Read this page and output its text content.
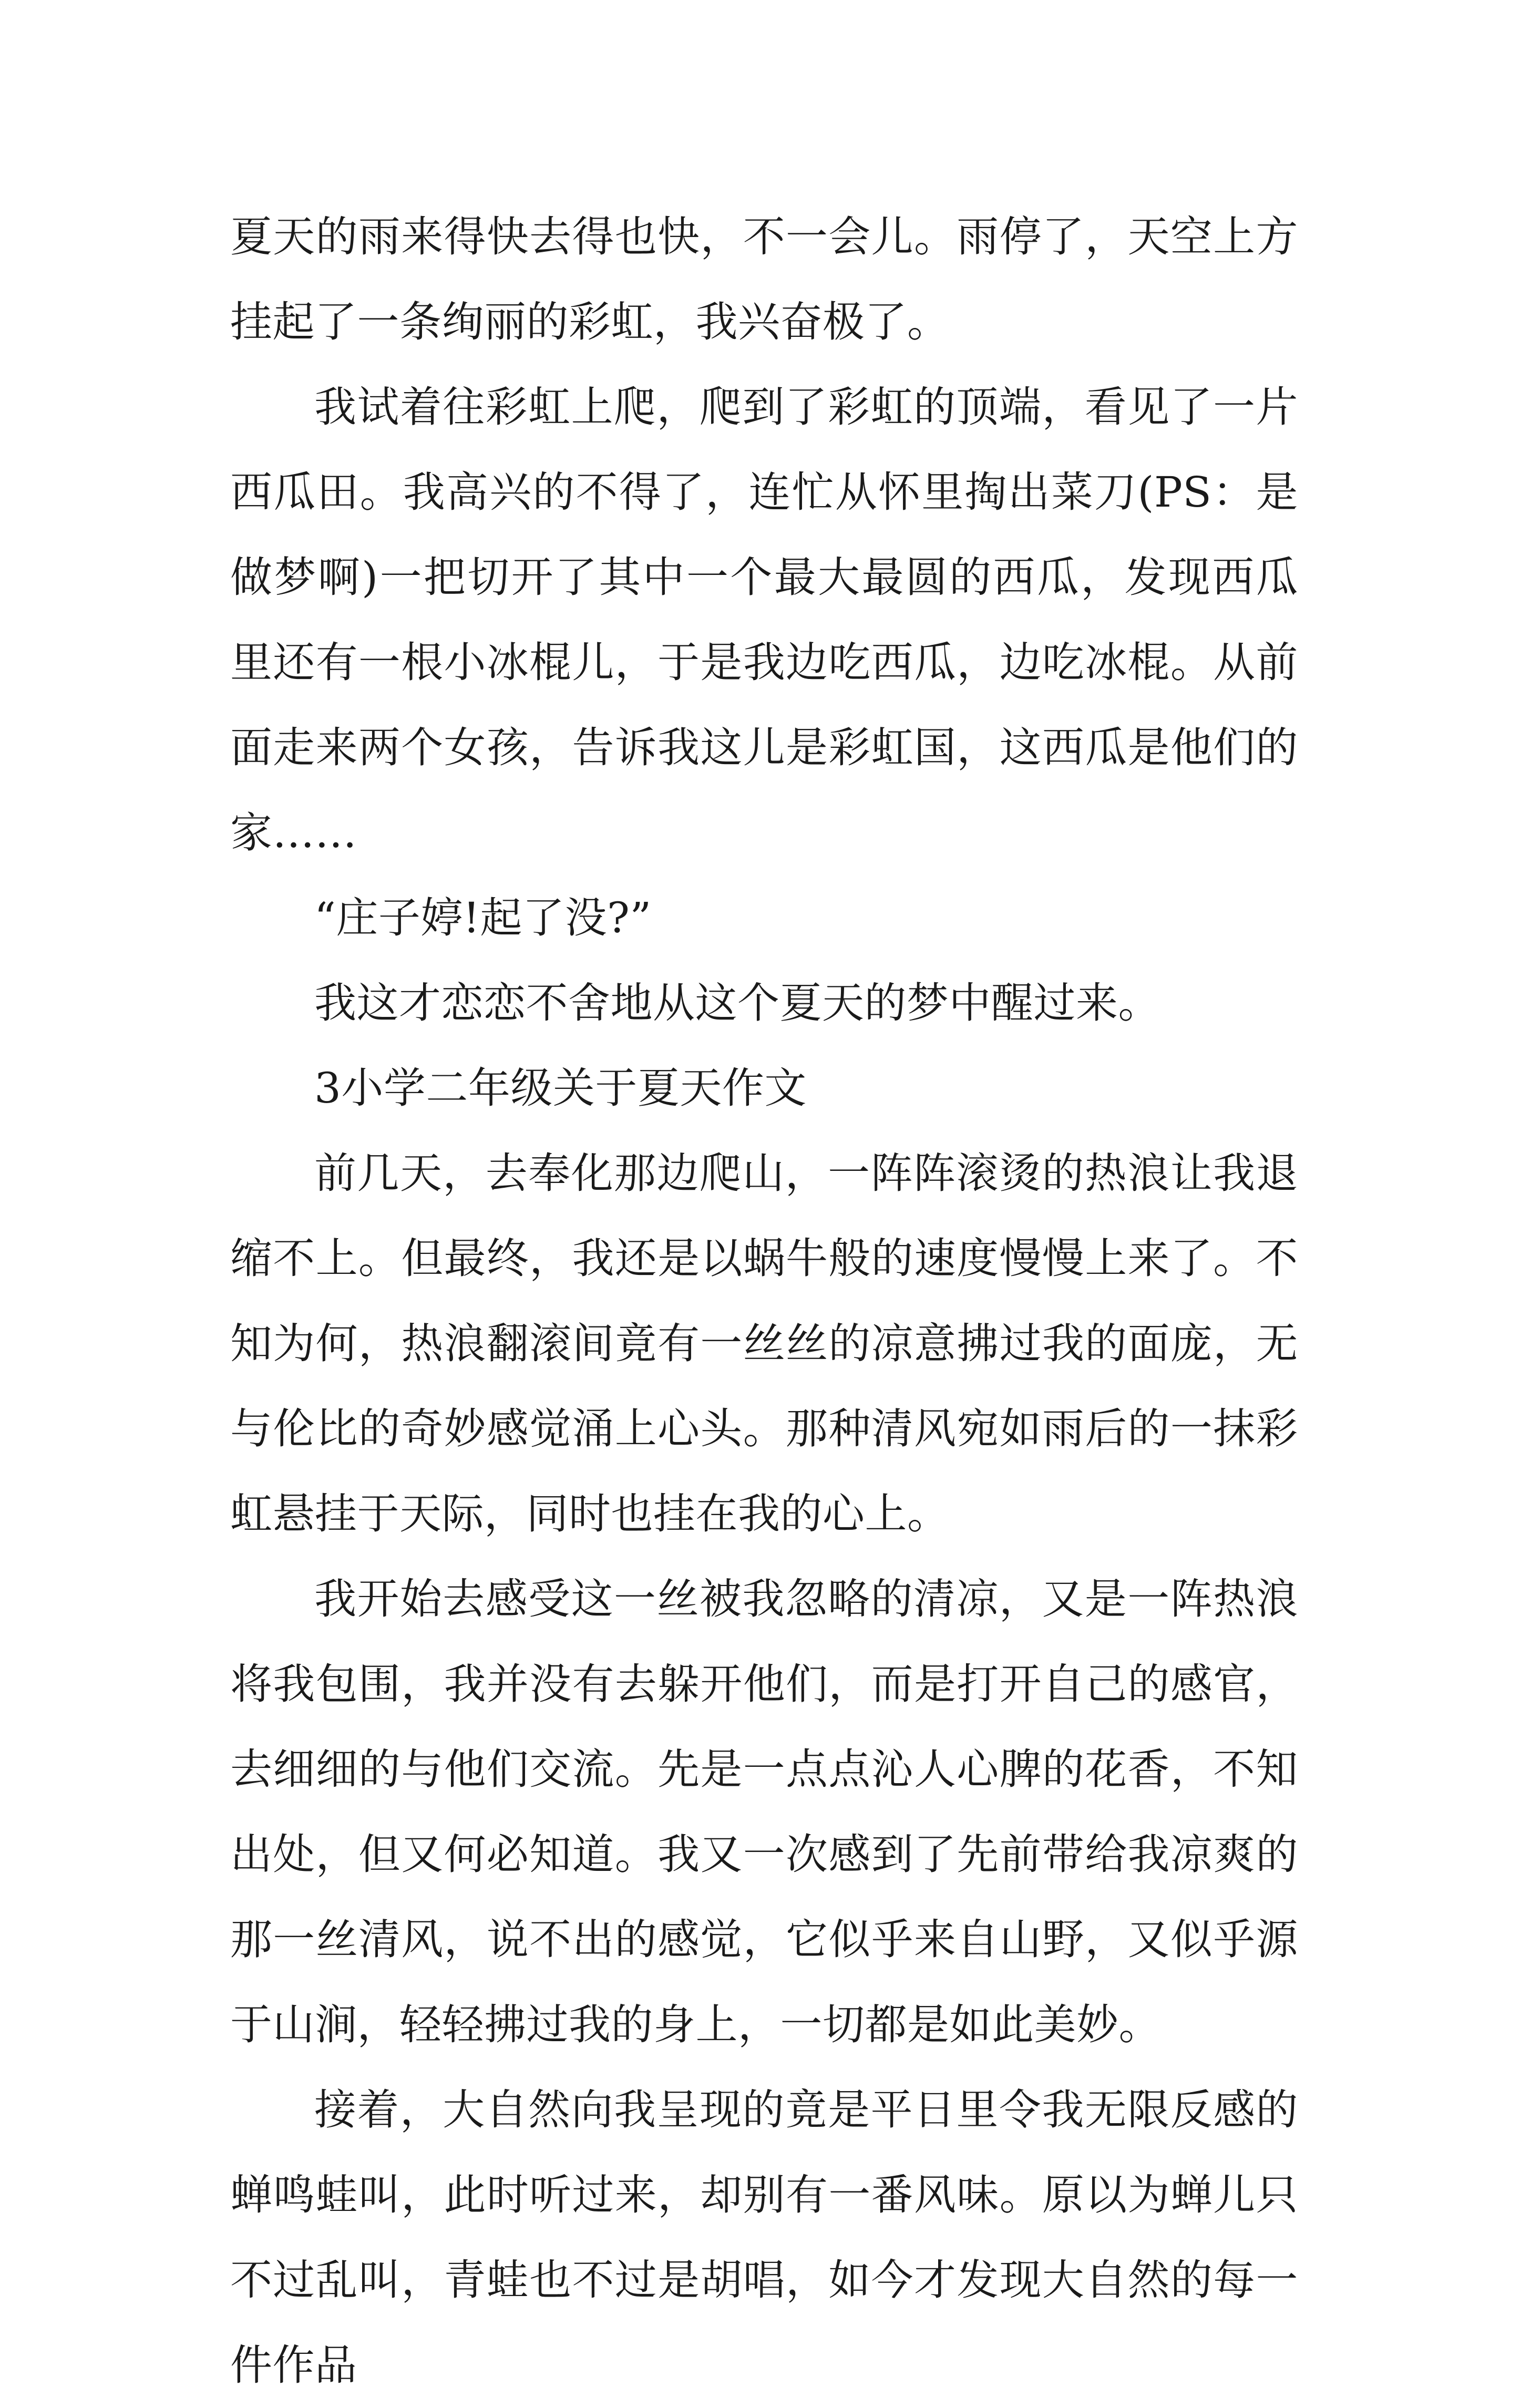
夏天的雨来得快去得也快，不一会儿。雨停了，天空上方挂起了一条绚丽的彩虹，我兴奋极了。

我试着往彩虹上爬，爬到了彩虹的顶端，看见了一片西瓜田。我高兴的不得了，连忙从怀里掏出菜刀(PS：是做梦啊)一把切开了其中一个最大最圆的西瓜，发现西瓜里还有一根小冰棍儿，于是我边吃西瓜，边吃冰棍。从前面走来两个女孩，告诉我这儿是彩虹国，这西瓜是他们的家……

“庄子婷!起了没?”

我这才恋恋不舍地从这个夏天的梦中醒过来。

3小学二年级关于夏天作文

前几天，去奉化那边爬山，一阵阵滚烫的热浪让我退缩不上。但最终，我还是以蜗牛般的速度慢慢上来了。不知为何，热浪翻滚间竟有一丝丝的凉意拂过我的面庞，无与伦比的奇妙感觉涌上心头。那种清风宛如雨后的一抹彩虹悬挂于天际，同时也挂在我的心上。

我开始去感受这一丝被我忽略的清凉，又是一阵热浪将我包围，我并没有去躲开他们，而是打开自己的感官，去细细的与他们交流。先是一点点沁人心脾的花香，不知出处，但又何必知道。我又一次感到了先前带给我凉爽的那一丝清风，说不出的感觉，它似乎来自山野，又似乎源于山涧，轻轻拂过我的身上，一切都是如此美妙。

接着，大自然向我呈现的竟是平日里令我无限反感的蝉鸣蛙叫，此时听过来，却别有一番风味。原以为蝉儿只不过乱叫，青蛙也不过是胡唱，如今才发现大自然的每一件作品
